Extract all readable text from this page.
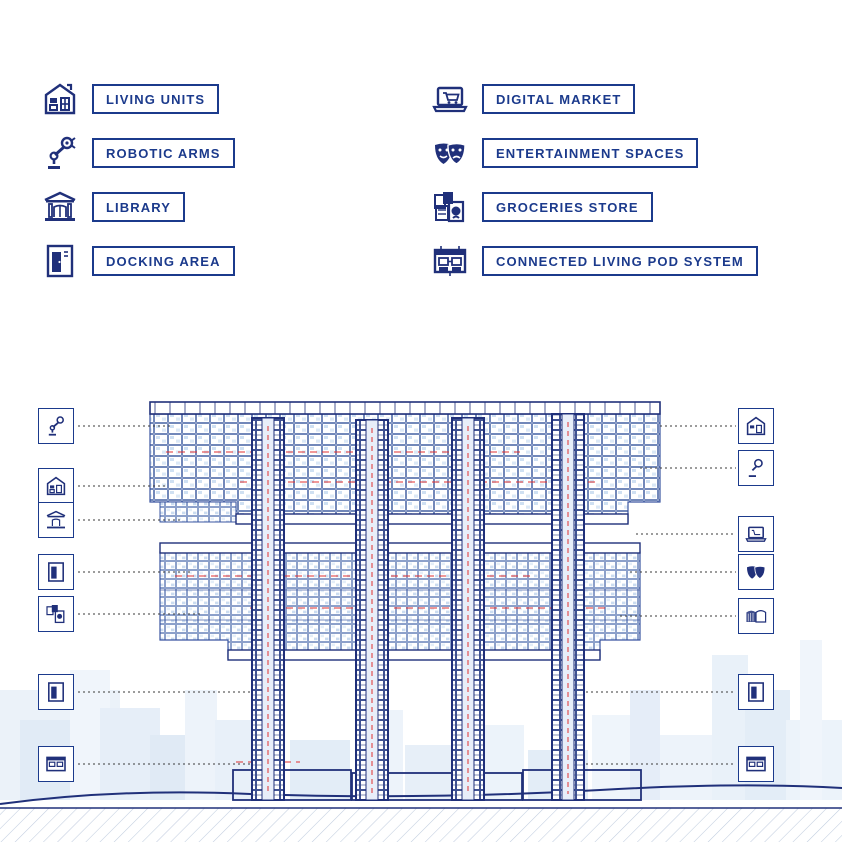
LIVING UNITS
ROBOTIC ARMS
LIBRARY
DOCKING AREA
DIGITAL MARKET
ENTERTAINMENT SPACES
GROCERIES STORE
CONNECTED LIVING POD SYSTEM
